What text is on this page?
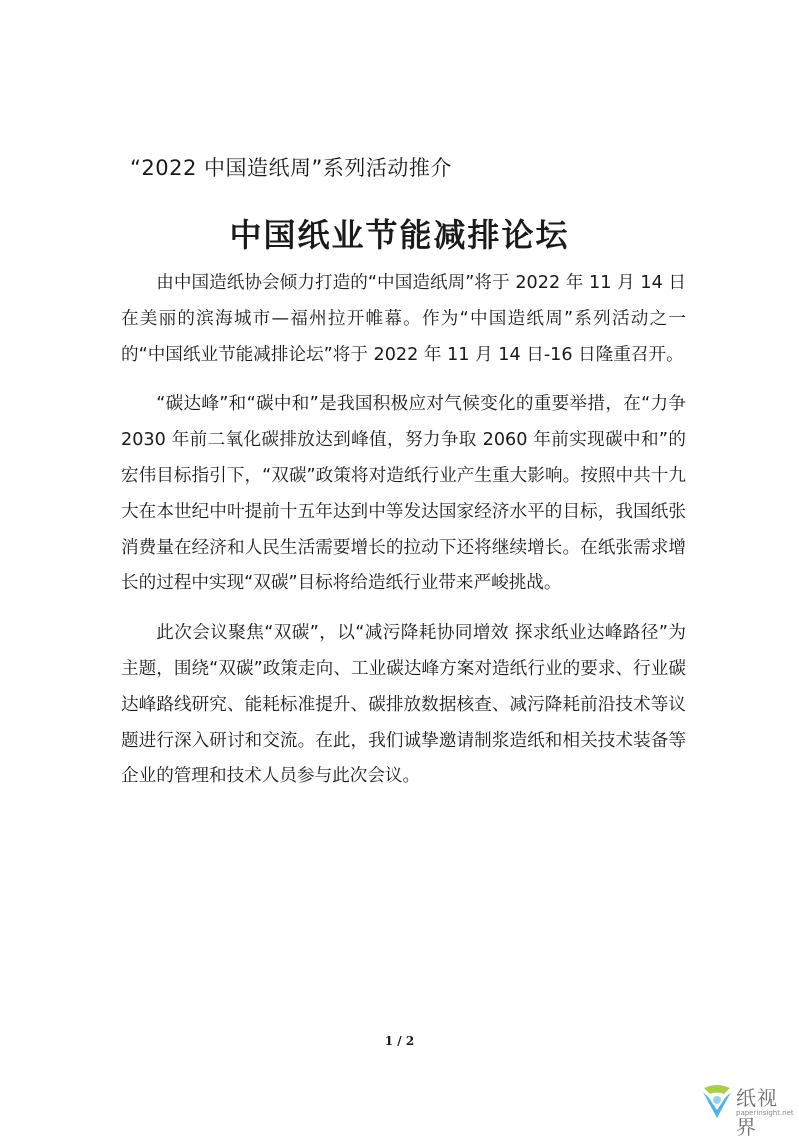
“2022 中国造纸周”系列活动推介
中国纸业节能减排论坛

由中国造纸协会倾力打造的“中国造纸周”将于 2022 年 11 月 14 日在美丽的滨海城市—福州拉开帷幕。作为“中国造纸周”系列活动之一的“中国纸业节能减排论坛”将于 2022 年 11 月 14 日-16 日隆重召开。

“碳达峰”和“碳中和”是我国积极应对气候变化的重要举措，在“力争 2030 年前二氧化碳排放达到峰值，努力争取 2060 年前实现碳中和”的宏伟目标指引下，“双碳”政策将对造纸行业产生重大影响。按照中共十九大在本世纪中叶提前十五年达到中等发达国家经济水平的目标，我国纸张消费量在经济和人民生活需要增长的拉动下还将继续增长。在纸张需求增长的过程中实现“双碳”目标将给造纸行业带来严峻挑战。

此次会议聚焦“双碳”，以“减污降耗协同增效 探求纸业达峰路径”为主题，围绕“双碳”政策走向、工业碳达峰方案对造纸行业的要求、行业碳达峰路线研究、能耗标准提升、碳排放数据核查、减污降耗前沿技术等议题进行深入研讨和交流。在此，我们诚挚邀请制浆造纸和相关技术装备等企业的管理和技术人员参与此次会议。

1 / 2
纸视界
paperinsight.net
